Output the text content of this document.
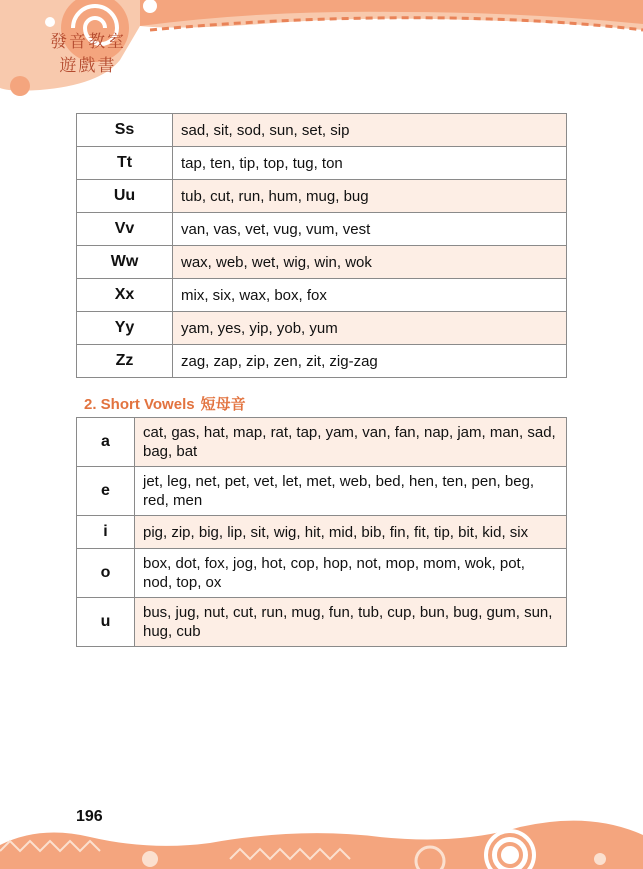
發音教室
遊戲書
Ss	sad, sit, sod, sun, set, sip
Tt	tap, ten, tip, top, tug, ton
Uu	tub, cut, run, hum, mug, bug
Vv	van, vas, vet, vug, vum, vest
Ww	wax, web, wet, wig, win, wok
Xx	mix, six, wax, box, fox
Yy	yam, yes, yip, yob, yum
Zz	zag, zap, zip, zen, zit, zig-zag
2. Short Vowels 短母音
a	cat, gas, hat, map, rat, tap, yam, van, fan, nap, jam, man, sad, bag, bat
e	jet, leg, net, pet, vet, let, met, web, bed, hen, ten, pen, beg, red, men
i	pig, zip, big, lip, sit, wig, hit, mid, bib, fin, fit, tip, bit, kid, six
o	box, dot, fox, jog, hot, cop, hop, not, mop, mom, wok, pot, nod, top, ox
u	bus, jug, nut, cut, run, mug, fun, tub, cup, bun, bug, gum, sun, hug, cub
196
